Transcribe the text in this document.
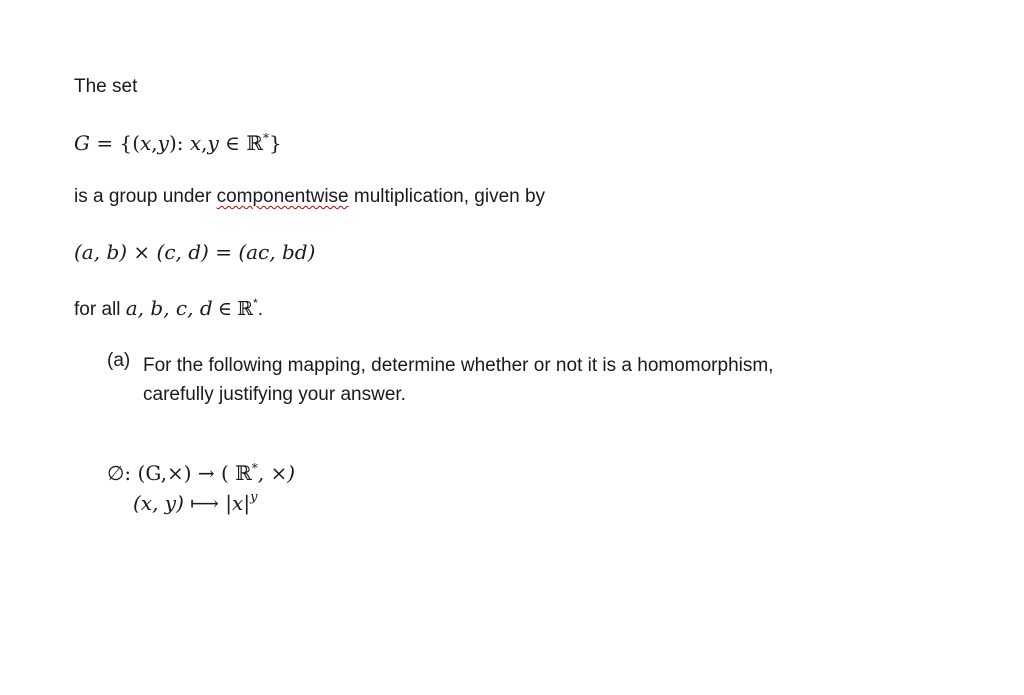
The set
G = {(x,y): x,y ∈ ℝ*}
is a group under componentwise multiplication, given by
(a, b) × (c, d) = (ac, bd)
for all a, b, c, d ∈ ℝ*.
(a) For the following mapping, determine whether or not it is a homomorphism,
carefully justifying your answer.
∅: (G,×) → ( ℝ*, ×)
(x, y) ⟼ $|x|^y$
